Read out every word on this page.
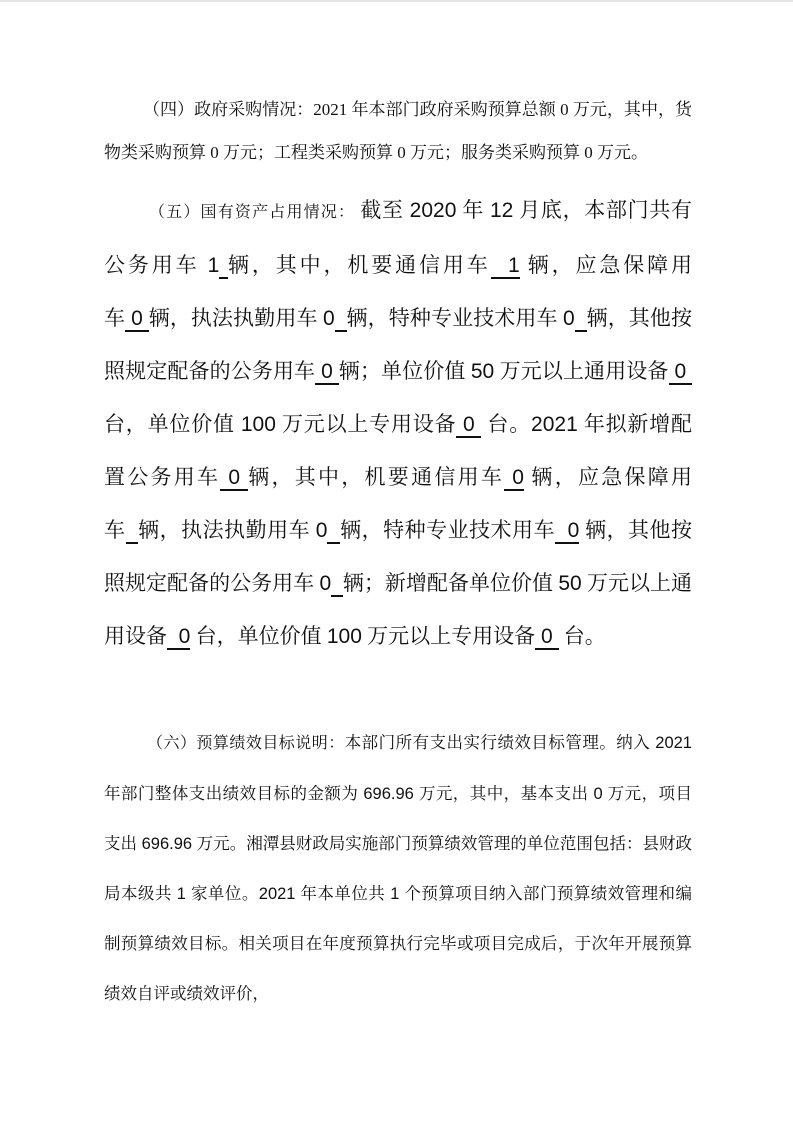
（四）政府采购情况：2021 年本部门政府采购预算总额 0 万元，其中，货物类采购预算 0 万元；工程类采购预算 0 万元；服务类采购预算 0 万元。

（五）国有资产占用情况： 截至 2020 年 12 月底，本部门共有公务用车 1 辆，其中，机要通信用车  1 辆，应急保障用车 0 辆，执法执勤用车 0 辆，特种专业技术用车 0 辆，其他按照规定配备的公务用车 0 辆；单位价值 50 万元以上通用设备 0  台，单位价值 100 万元以上专用设备 0  台。2021 年拟新增配置公务用车 0 辆，其中，机要通信用车 0 辆，应急保障用车 辆，执法执勤用车 0 辆，特种专业技术用车  0 辆，其他按照规定配备的公务用车 0 辆；新增配备单位价值 50 万元以上通用设备  0 台，单位价值 100 万元以上专用设备 0  台。

（六）预算绩效目标说明：本部门所有支出实行绩效目标管理。纳入 2021 年部门整体支出绩效目标的金额为 696.96 万元，其中，基本支出 0 万元，项目支出 696.96 万元。湘潭县财政局实施部门预算绩效管理的单位范围包括：县财政局本级共 1 家单位。2021 年本单位共 1 个预算项目纳入部门预算绩效管理和编制预算绩效目标。相关项目在年度预算执行完毕或项目完成后，于次年开展预算绩效自评或绩效评价，
